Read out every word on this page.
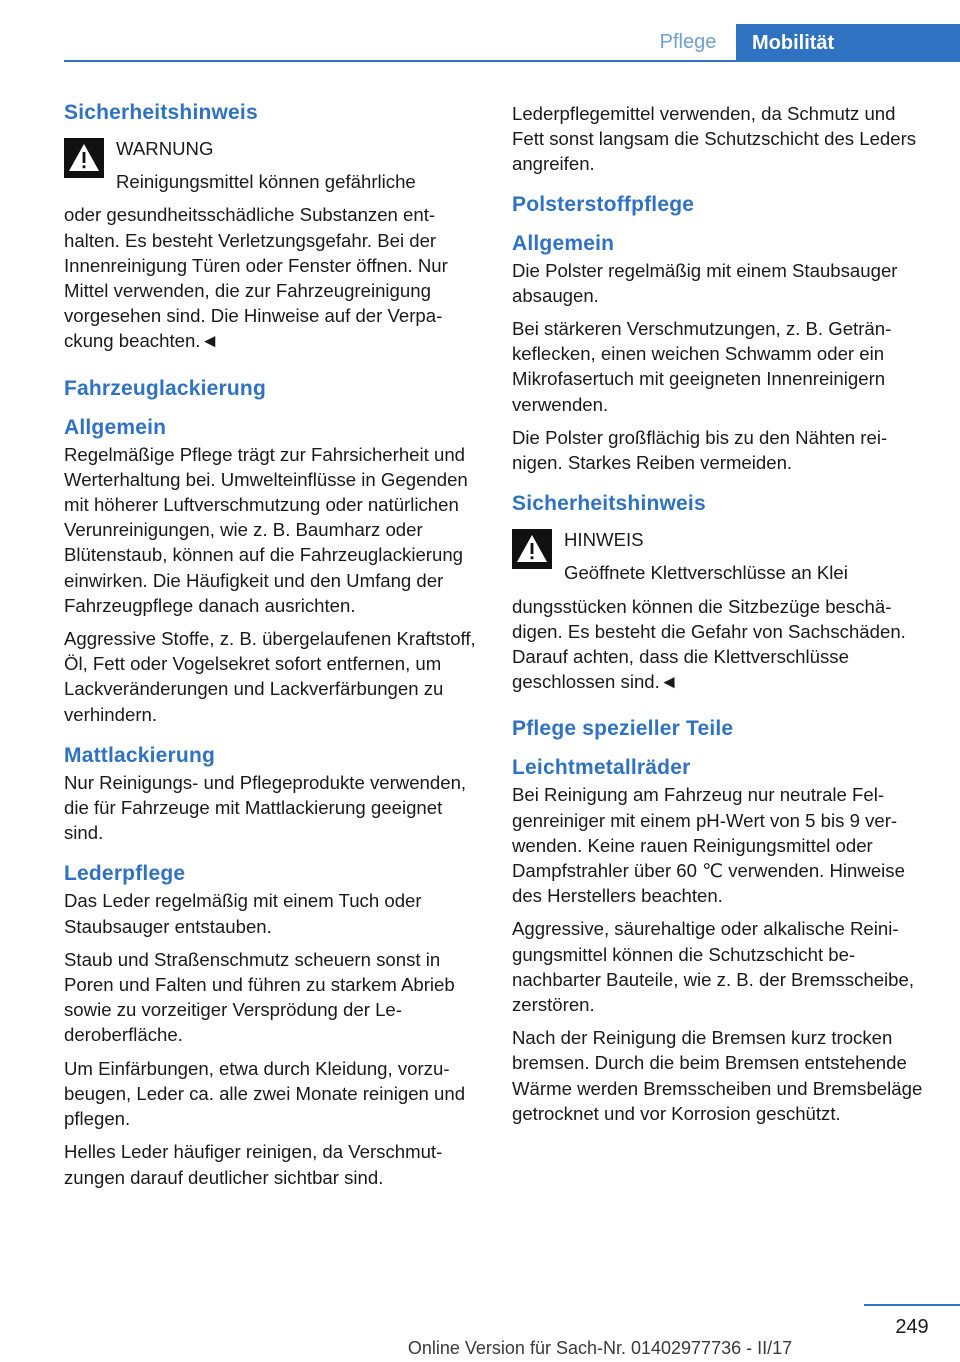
Pflege	Mobilität
Sicherheitshinweis

WARNUNG

Reinigungsmittel können gefährliche

oder gesundheitsschädliche Substanzen enthalten. Es besteht Verletzungsgefahr. Bei der Innenreinigung Türen oder Fenster öffnen. Nur Mittel verwenden, die zur Fahrzeugreinigung vorgesehen sind. Die Hinweise auf der Verpackung beachten.◄

Fahrzeuglackierung
Allgemein

Regelmäßige Pflege trägt zur Fahrsicherheit und Werterhaltung bei. Umwelteinflüsse in Gegenden mit höherer Luftverschmutzung oder natürlichen Verunreinigungen, wie z. B. Baumharz oder Blütenstaub, können auf die Fahrzeuglackierung einwirken. Die Häufigkeit und den Umfang der Fahrzeugpflege danach ausrichten.

Aggressive Stoffe, z. B. übergelaufenen Kraftstoff, Öl, Fett oder Vogelsekret sofort entfernen, um Lackveränderungen und Lackverfärbungen zu verhindern.

Mattlackierung

Nur Reinigungs- und Pflegeprodukte verwenden, die für Fahrzeuge mit Mattlackierung geeignet sind.

Lederpflege

Das Leder regelmäßig mit einem Tuch oder Staubsauger entstauben.

Staub und Straßenschmutz scheuern sonst in Poren und Falten und führen zu starkem Abrieb sowie zu vorzeitiger Versprödung der Lederoberfläche.

Um Einfärbungen, etwa durch Kleidung, vorzubeugen, Leder ca. alle zwei Monate reinigen und pflegen.

Helles Leder häufiger reinigen, da Verschmutzungen darauf deutlicher sichtbar sind.

Lederpflegemittel verwenden, da Schmutz und Fett sonst langsam die Schutzschicht des Leders angreifen.

Polsterstoffpflege
Allgemein

Die Polster regelmäßig mit einem Staubsauger absaugen.

Bei stärkeren Verschmutzungen, z. B. Getränkeflecken, einen weichen Schwamm oder ein Mikrofasertuch mit geeigneten Innenreinigern verwenden.

Die Polster großflächig bis zu den Nähten reinigen. Starkes Reiben vermeiden.

Sicherheitshinweis

HINWEIS

Geöffnete Klettverschlüsse an Klei

dungsstücken können die Sitzbezüge beschädigen. Es besteht die Gefahr von Sachschäden. Darauf achten, dass die Klettverschlüsse geschlossen sind.◄

Pflege spezieller Teile
Leichtmetallräder

Bei Reinigung am Fahrzeug nur neutrale Felgenreiniger mit einem pH-Wert von 5 bis 9 verwenden. Keine rauen Reinigungsmittel oder Dampfstrahler über 60 ℃ verwenden. Hinweise des Herstellers beachten.

Aggressive, säurehaltige oder alkalische Reinigungsmittel können die Schutzschicht benachbarter Bauteile, wie z. B. der Bremsscheibe, zerstören.

Nach der Reinigung die Bremsen kurz trocken bremsen. Durch die beim Bremsen entstehende Wärme werden Bremsscheiben und Bremsbeläge getrocknet und vor Korrosion geschützt.

249
Online Version für Sach-Nr. 01402977736 - II/17
